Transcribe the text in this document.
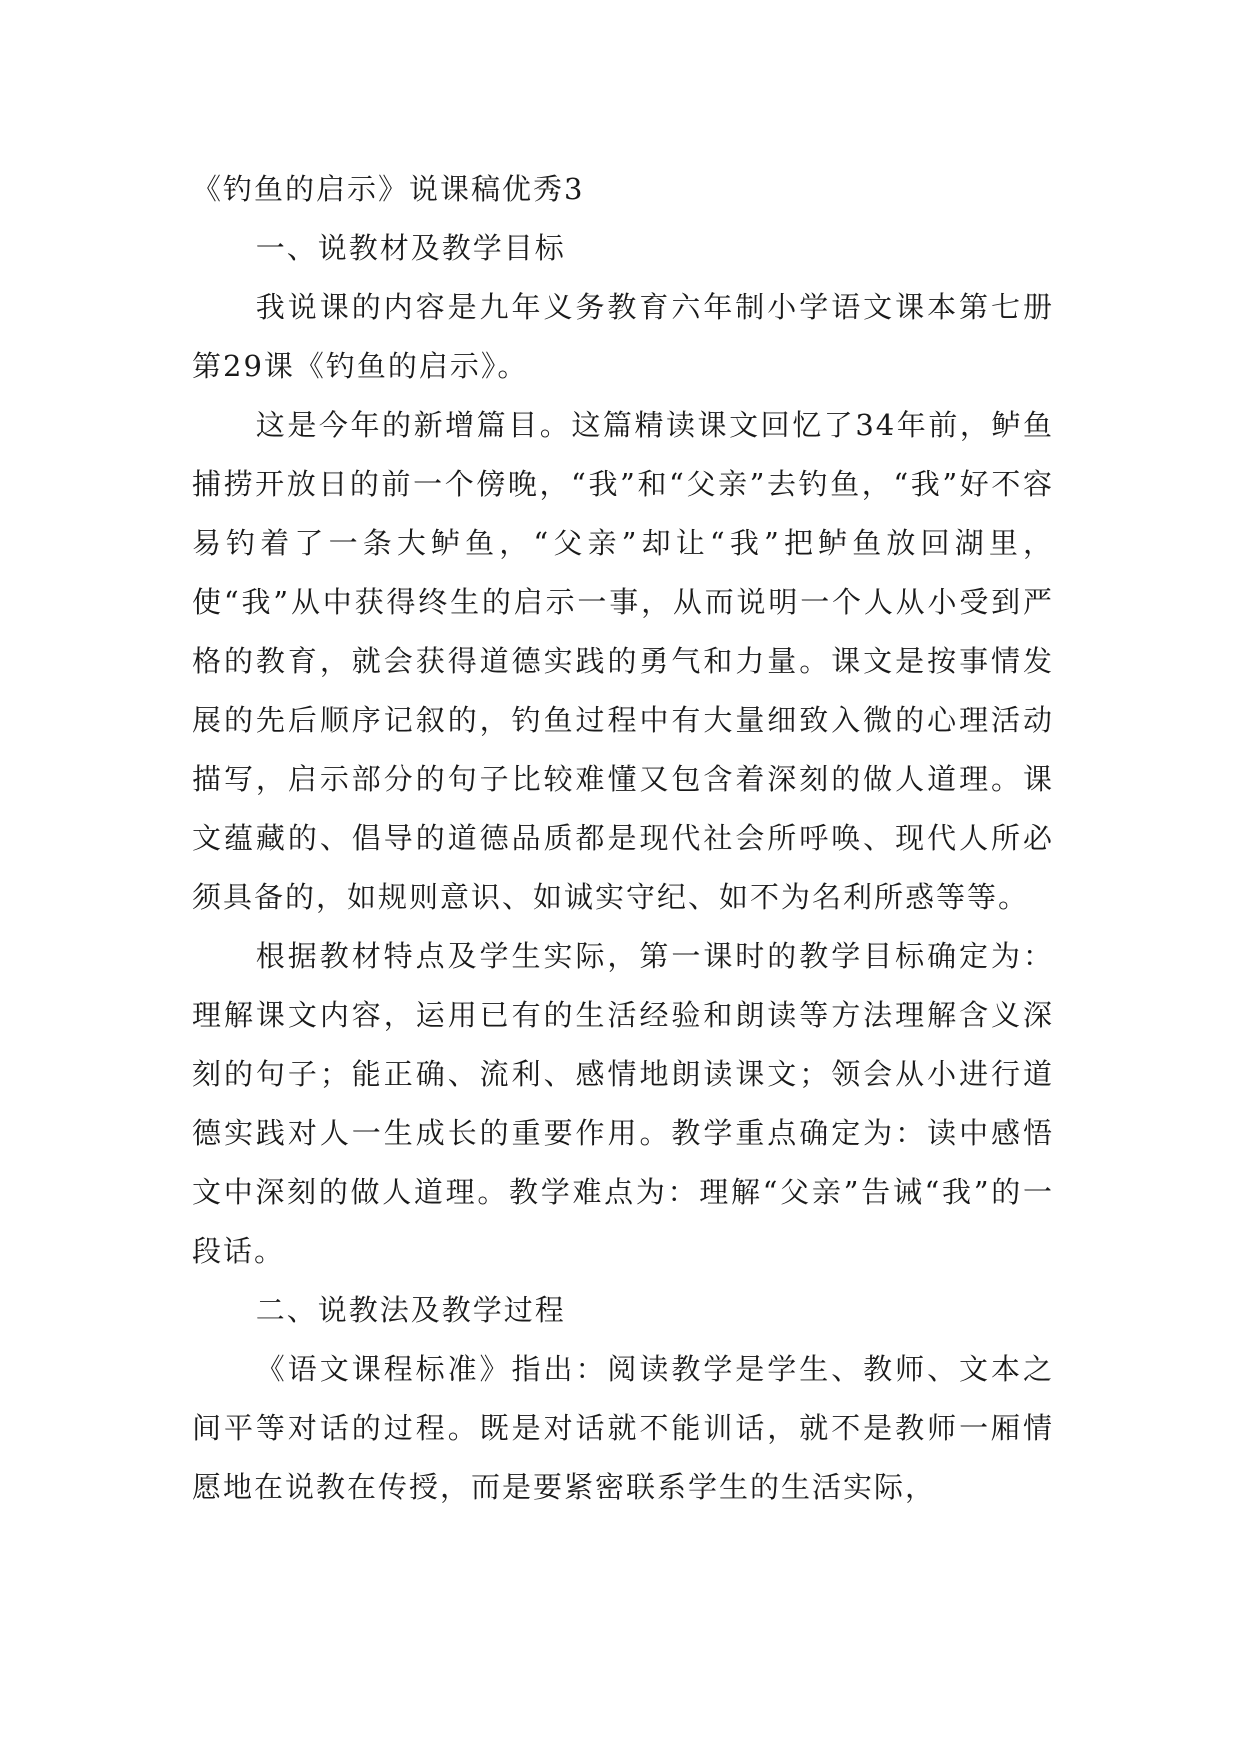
《钓鱼的启示》说课稿优秀3

一、说教材及教学目标

我说课的内容是九年义务教育六年制小学语文课本第七册第29课《钓鱼的启示》。

这是今年的新增篇目。这篇精读课文回忆了34年前，鲈鱼捕捞开放日的前一个傍晚，“我”和“父亲”去钓鱼，“我”好不容易钓着了一条大鲈鱼，“父亲”却让“我”把鲈鱼放回湖里，使“我”从中获得终生的启示一事，从而说明一个人从小受到严格的教育，就会获得道德实践的勇气和力量。课文是按事情发展的先后顺序记叙的，钓鱼过程中有大量细致入微的心理活动描写，启示部分的句子比较难懂又包含着深刻的做人道理。课文蕴藏的、倡导的道德品质都是现代社会所呼唤、现代人所必须具备的，如规则意识、如诚实守纪、如不为名利所惑等等。

根据教材特点及学生实际，第一课时的教学目标确定为：理解课文内容，运用已有的生活经验和朗读等方法理解含义深刻的句子；能正确、流利、感情地朗读课文；领会从小进行道德实践对人一生成长的重要作用。教学重点确定为：读中感悟文中深刻的做人道理。教学难点为：理解“父亲”告诫“我”的一段话。

二、说教法及教学过程

《语文课程标准》指出：阅读教学是学生、教师、文本之间平等对话的过程。既是对话就不能训话，就不是教师一厢情愿地在说教在传授，而是要紧密联系学生的生活实际，
